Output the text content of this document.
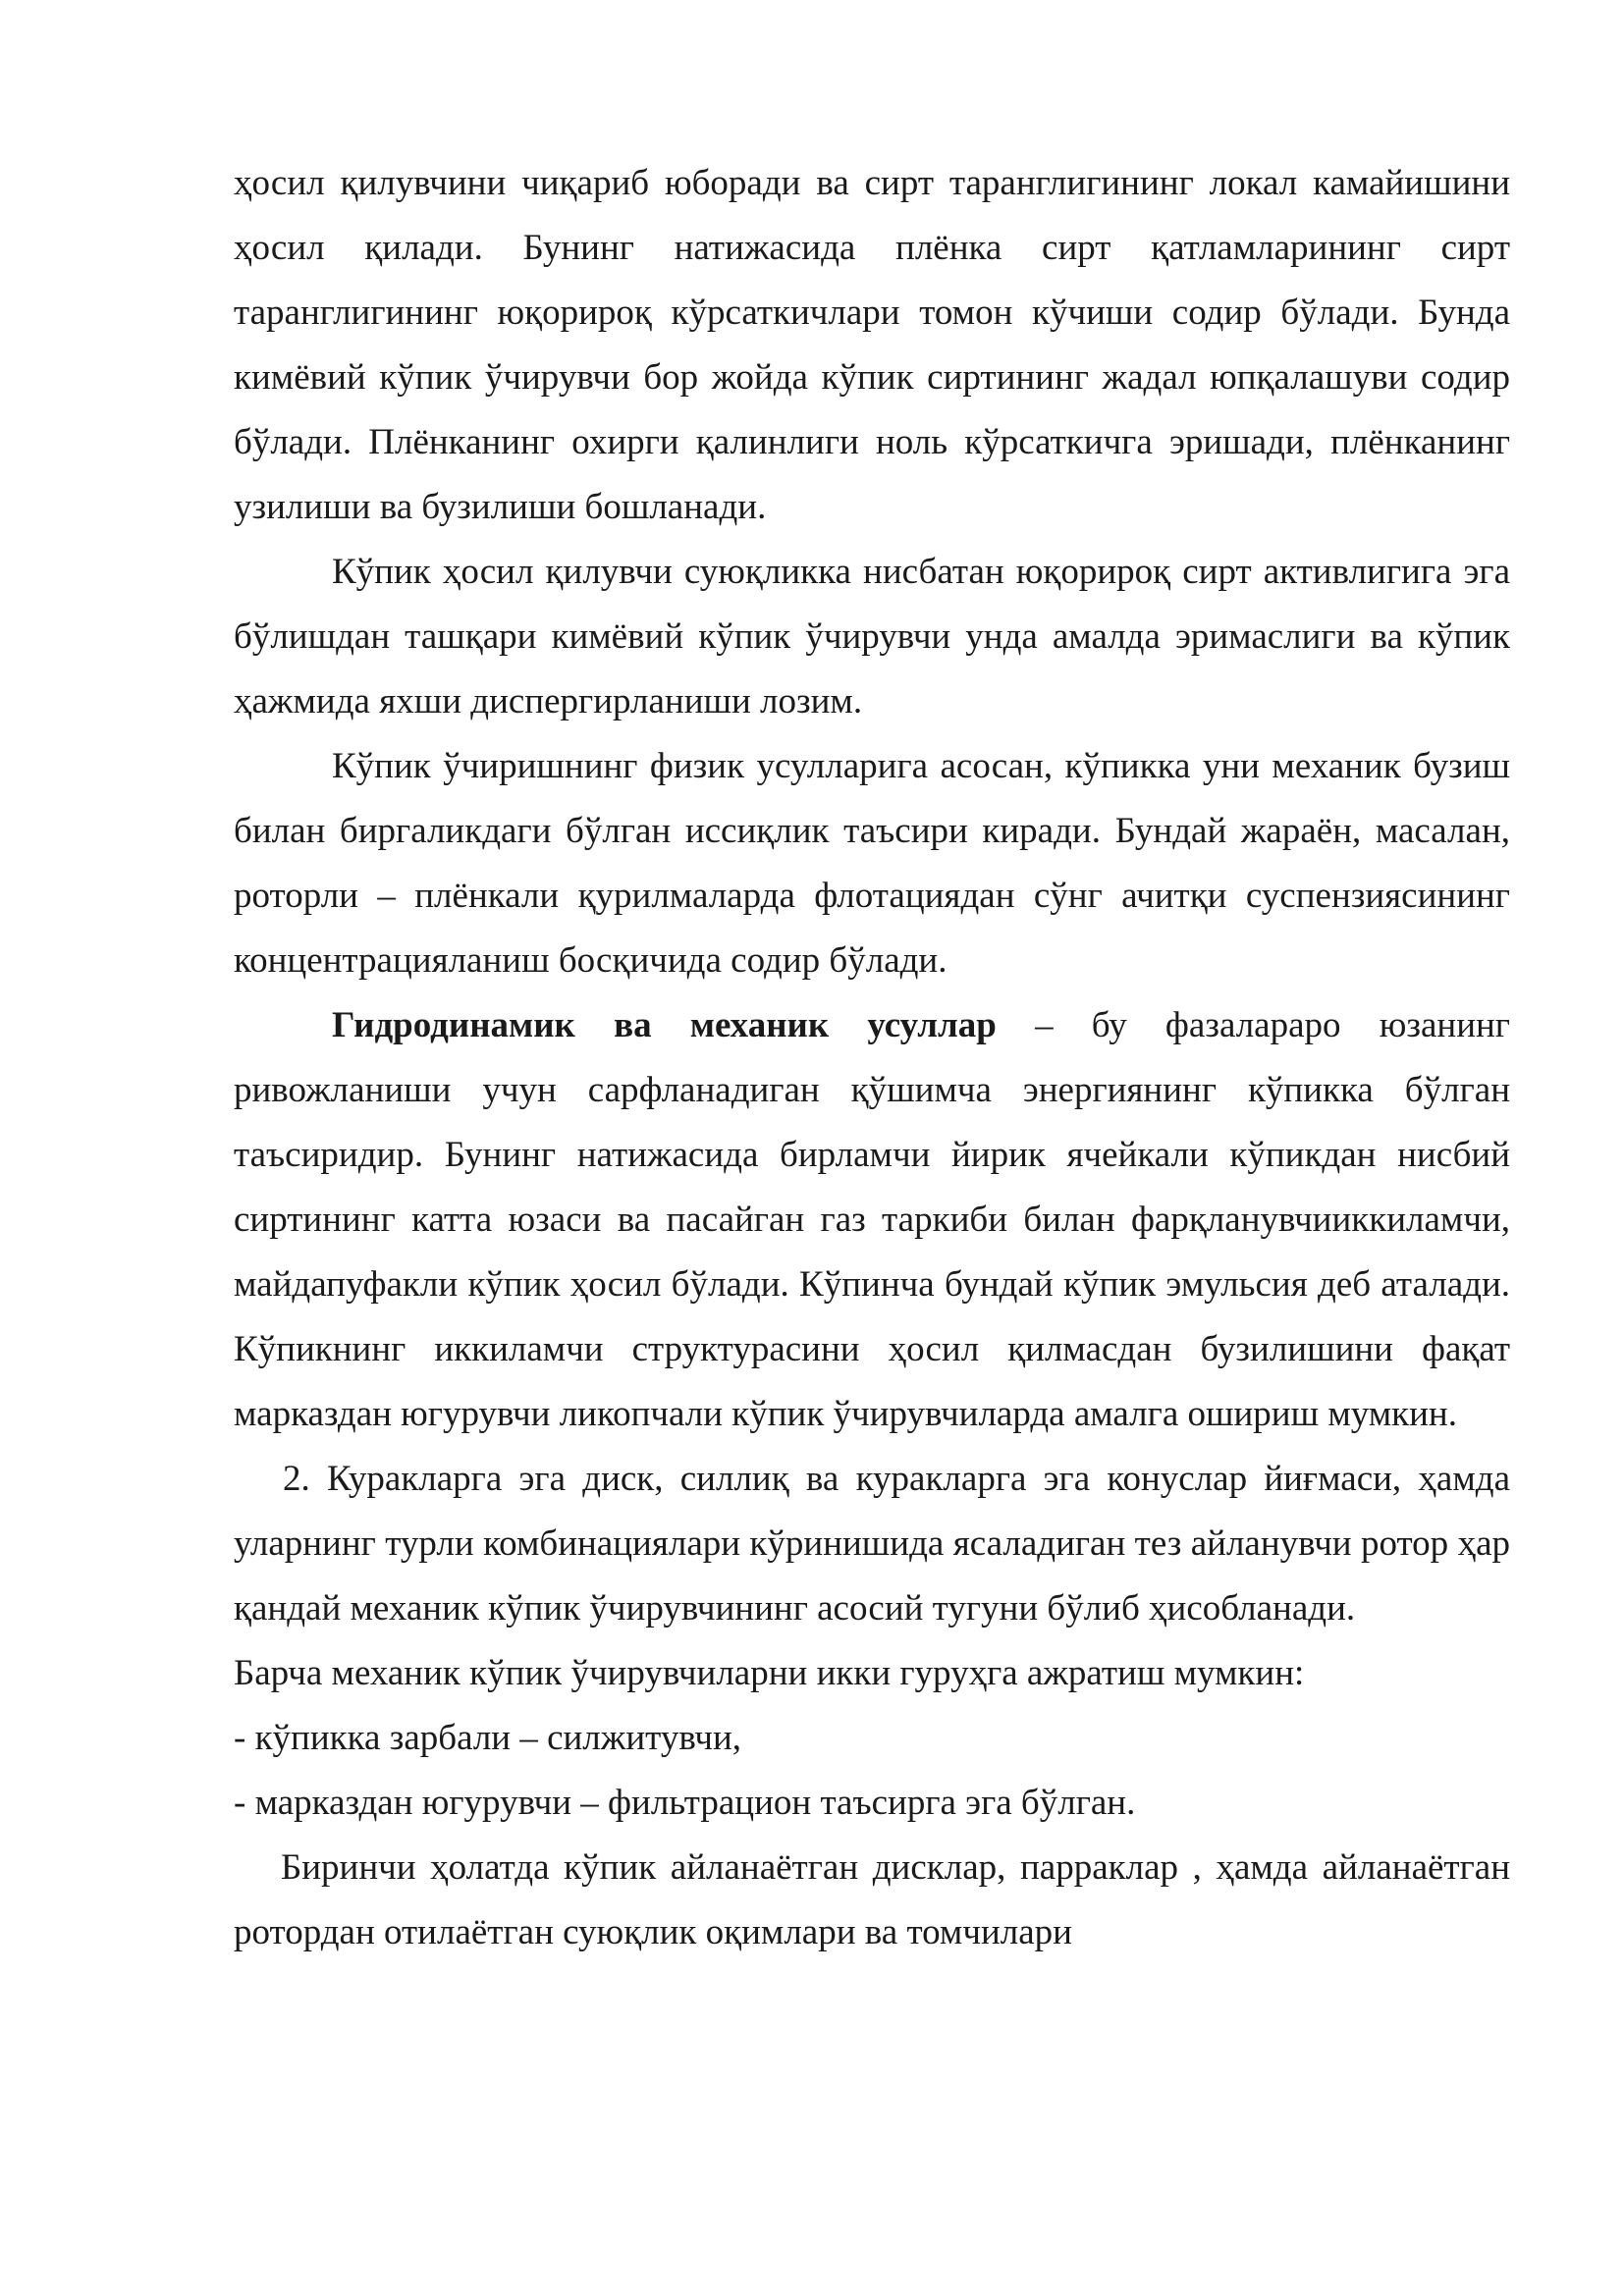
ҳосил қилувчини чиқариб юборади ва сирт таранглигининг локал камайишини ҳосил қилади. Бунинг натижасида плёнка сирт қатламларининг сирт таранглигининг юқорироқ кўрсаткичлари томон кўчиши содир бўлади. Бунда кимёвий кўпик ўчирувчи бор жойда кўпик сиртининг жадал юпқалашуви содир бўлади. Плёнканинг охирги қалинлиги ноль кўрсаткичга эришади, плёнканинг узилиши ва бузилиши бошланади.

Кўпик ҳосил қилувчи суюқликка нисбатан юқорироқ сирт активлигига эга бўлишдан ташқари кимёвий кўпик ўчирувчи унда амалда эримаслиги ва кўпик ҳажмида яхши диспергирланиши лозим.

Кўпик ўчиришнинг физик усулларига асосан, кўпикка уни механик бузиш билан биргаликдаги бўлган иссиқлик таъсири киради. Бундай жараён, масалан, роторли – плёнкали қурилмаларда флотациядан сўнг ачитқи суспензиясининг концентрацияланиш босқичида содир бўлади.

Гидродинамик ва механик усуллар – бу фазалараро юзанинг ривожланиши учун сарфланадиган қўшимча энергиянинг кўпикка бўлган таъсиридир. Бунинг натижасида бирламчи йирик ячейкали кўпикдан нисбий сиртининг катта юзаси ва пасайган газ таркиби билан фарқланувчииккиламчи, майдапуфакли кўпик ҳосил бўлади. Кўпинча бундай кўпик эмульсия деб аталади. Кўпикнинг иккиламчи структурасини ҳосил қилмасдан бузилишини фақат марказдан югурувчи ликопчали кўпик ўчирувчиларда амалга ошириш мумкин.

2. Куракларга эга диск, силлиқ ва куракларга эга конуслар йиғмаси, ҳамда уларнинг турли комбинациялари кўринишида ясаладиган тез айланувчи ротор ҳар қандай механик кўпик ўчирувчининг асосий тугуни бўлиб ҳисобланади.

Барча механик кўпик ўчирувчиларни икки гуруҳга ажратиш мумкин:

- кўпикка зарбали – силжитувчи,

- марказдан югурувчи – фильтрацион таъсирга эга бўлган.

Биринчи ҳолатда кўпик айланаётган дисклар, парраклар , ҳамда айланаётган ротордан отилаётган суюқлик оқимлари ва томчилари
